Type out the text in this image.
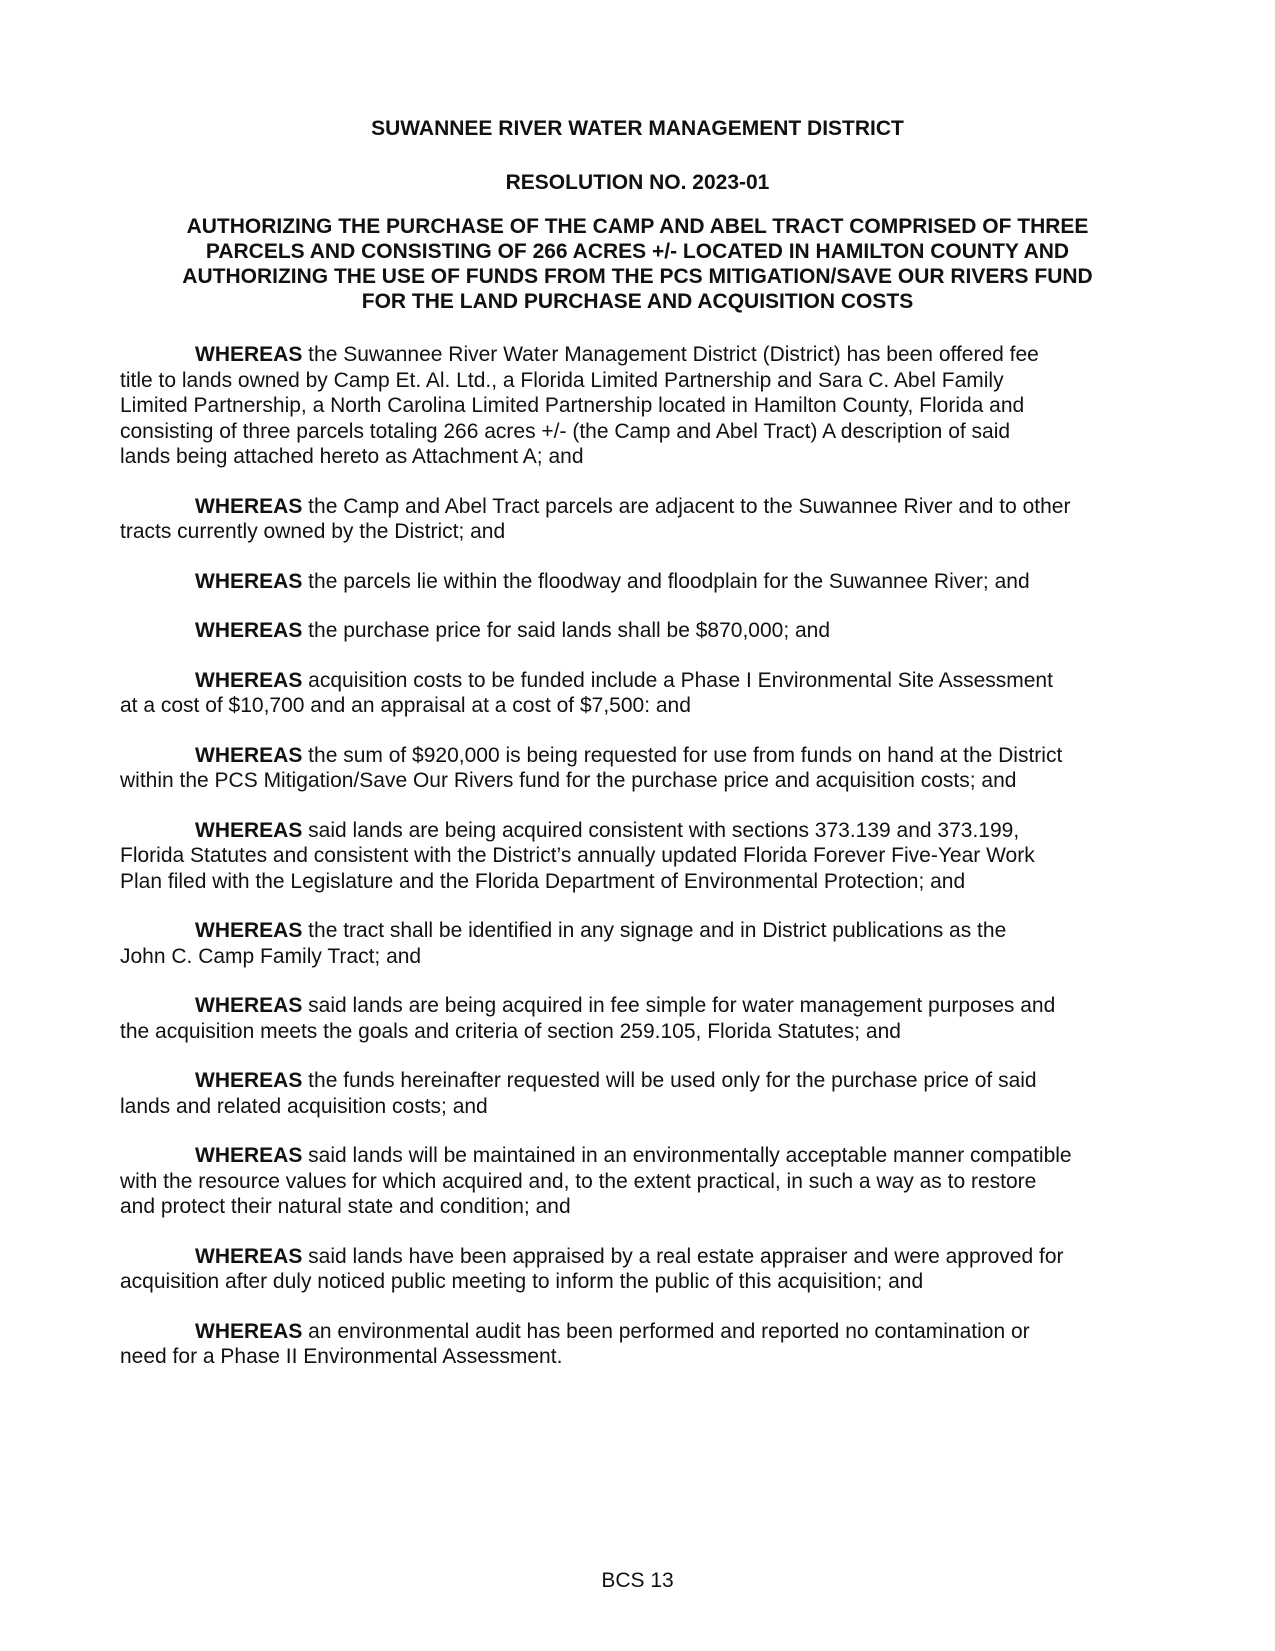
SUWANNEE RIVER WATER MANAGEMENT DISTRICT
RESOLUTION NO. 2023-01
AUTHORIZING THE PURCHASE OF THE CAMP AND ABEL TRACT COMPRISED OF THREE
PARCELS AND CONSISTING OF 266 ACRES +/- LOCATED IN HAMILTON COUNTY AND
AUTHORIZING THE USE OF FUNDS FROM THE PCS MITIGATION/SAVE OUR RIVERS FUND
FOR THE LAND PURCHASE AND ACQUISITION COSTS

WHEREAS the Suwannee River Water Management District (District) has been offered fee
title to lands owned by Camp Et. Al. Ltd., a Florida Limited Partnership and Sara C. Abel Family
Limited Partnership, a North Carolina Limited Partnership located in Hamilton County, Florida and
consisting of three parcels totaling 266 acres +/- (the Camp and Abel Tract) A description of said
lands being attached hereto as Attachment A; and

WHEREAS the Camp and Abel Tract parcels are adjacent to the Suwannee River and to other
tracts currently owned by the District; and

WHEREAS the parcels lie within the floodway and floodplain for the Suwannee River; and

WHEREAS the purchase price for said lands shall be $870,000; and

WHEREAS acquisition costs to be funded include a Phase I Environmental Site Assessment
at a cost of $10,700 and an appraisal at a cost of $7,500: and

WHEREAS the sum of $920,000 is being requested for use from funds on hand at the District
within the PCS Mitigation/Save Our Rivers fund for the purchase price and acquisition costs; and

WHEREAS said lands are being acquired consistent with sections 373.139 and 373.199,
Florida Statutes and consistent with the District’s annually updated Florida Forever Five-Year Work
Plan filed with the Legislature and the Florida Department of Environmental Protection; and

WHEREAS the tract shall be identified in any signage and in District publications as the
John C. Camp Family Tract; and

WHEREAS said lands are being acquired in fee simple for water management purposes and
the acquisition meets the goals and criteria of section 259.105, Florida Statutes; and

WHEREAS the funds hereinafter requested will be used only for the purchase price of said
lands and related acquisition costs; and

WHEREAS said lands will be maintained in an environmentally acceptable manner compatible
with the resource values for which acquired and, to the extent practical, in such a way as to restore
and protect their natural state and condition; and

WHEREAS said lands have been appraised by a real estate appraiser and were approved for
acquisition after duly noticed public meeting to inform the public of this acquisition; and

WHEREAS an environmental audit has been performed and reported no contamination or
need for a Phase II Environmental Assessment.

BCS 13
